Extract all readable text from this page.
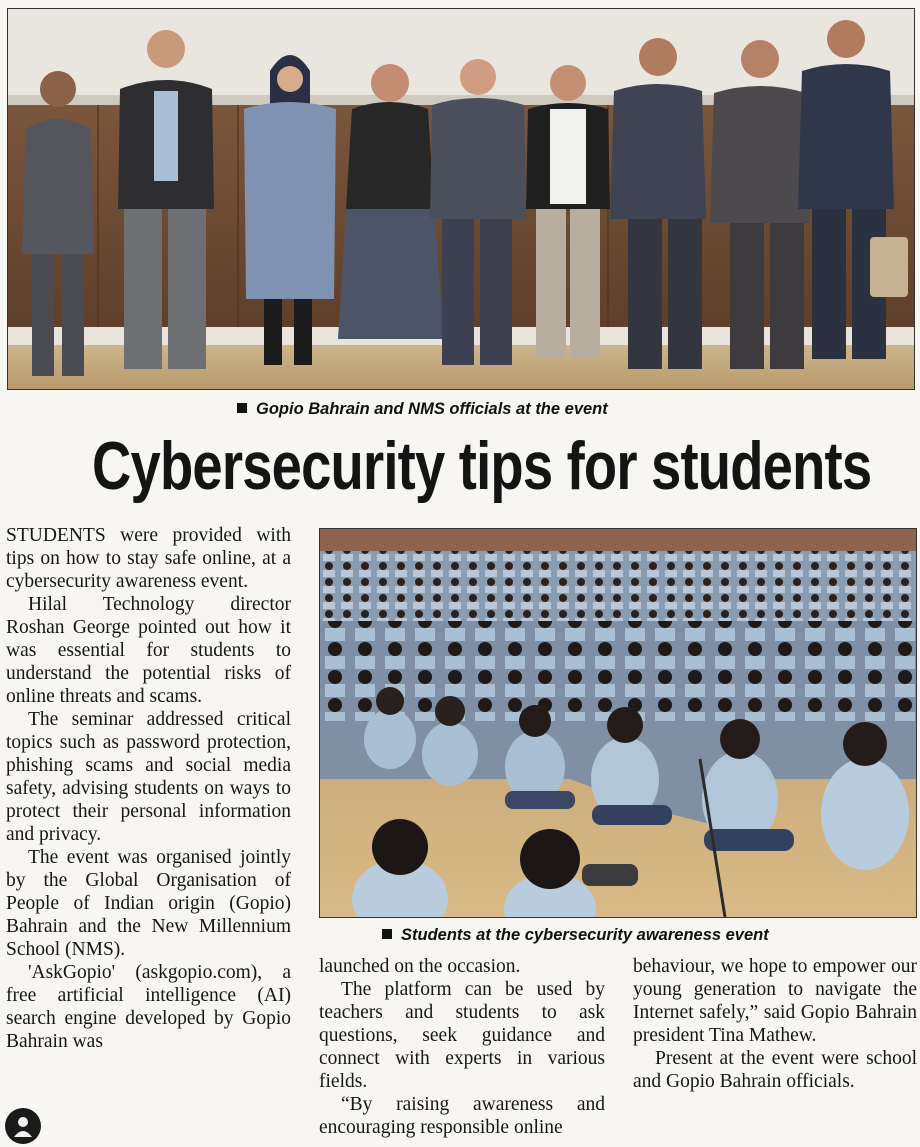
Gopio Bahrain and NMS officials at the event
Cybersecurity tips for students
Students at the cybersecurity awareness event

STUDENTS were provided with tips on how to stay safe online, at a cybersecurity awareness event.

Hilal Technology director Roshan George pointed out how it was essential for students to understand the potential risks of online threats and scams.

The seminar addressed critical topics such as password protection, phishing scams and social media safety, advising students on ways to protect their personal information and privacy.

The event was organised jointly by the Global Organisation of People of Indian origin (Gopio) Bahrain and the New Millennium School (NMS).

'AskGopio' (askgopio.com), a free artificial intelligence (AI) search engine developed by Gopio Bahrain was

launched on the occasion.

The platform can be used by teachers and students to ask questions, seek guidance and connect with experts in various fields.

“By raising awareness and encouraging responsible online

behaviour, we hope to empower our young generation to navigate the Internet safely,” said Gopio Bahrain president Tina Mathew.

Present at the event were school and Gopio Bahrain officials.
